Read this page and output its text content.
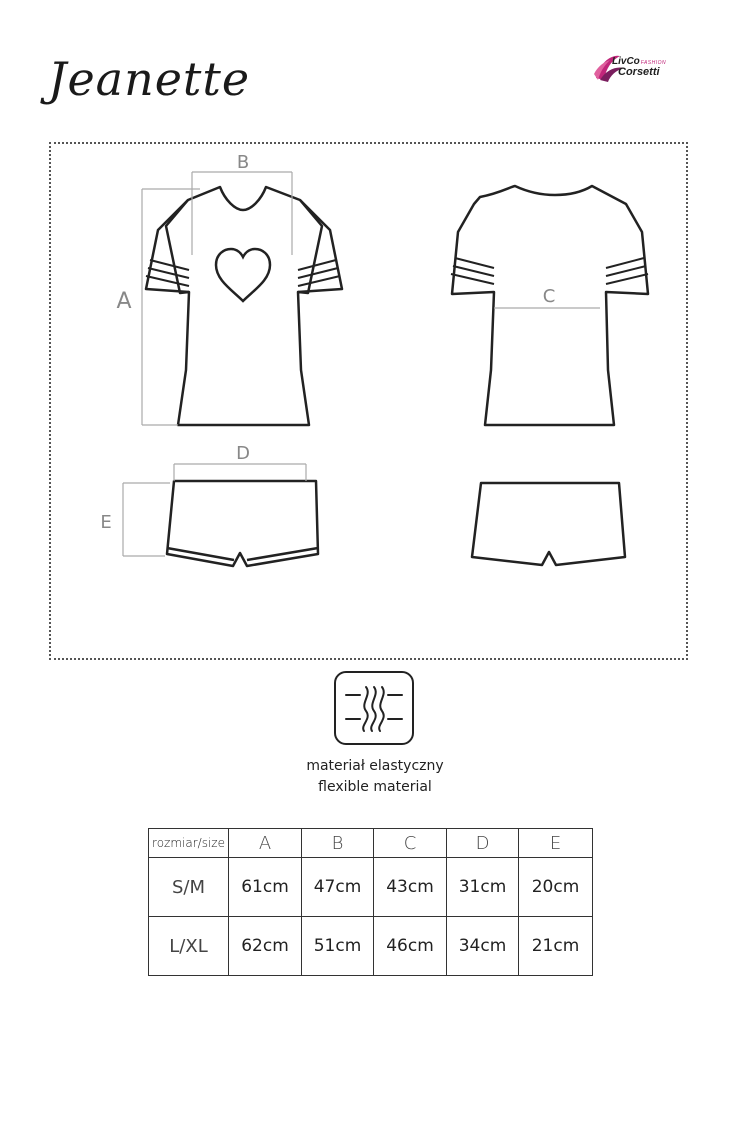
Jeanette	LivCoFASHION
Corsetti
B
A	C
D
E
materiał elastyczny
flexible material
rozmiar/size	A	B	C	D	E
S/M	61cm	47cm	43cm	31cm	20cm
L/XL	62cm	51cm	46cm	34cm	21cm
